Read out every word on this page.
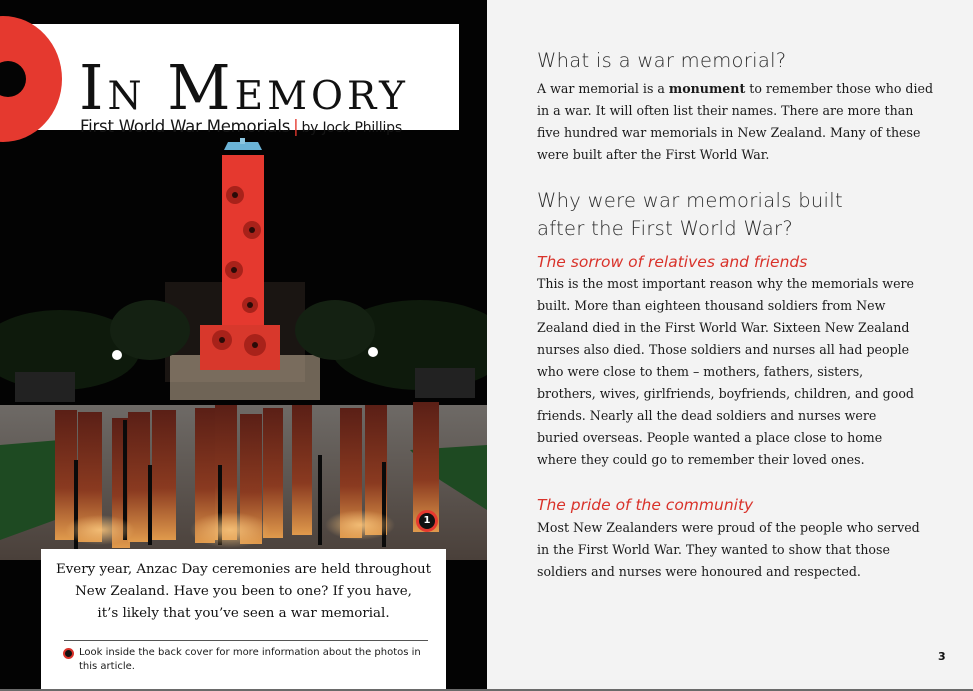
In Memory
First World War Memorials | by Jock Phillips
1
Every year, Anzac Day ceremonies are held throughout
New Zealand. Have you been to one? If you have,
it’s likely that you’ve seen a war memorial.
Look inside the back cover for more information about the photos in this article.
What is a war memorial?
A war memorial is a monument to remember those who died in a war. It will often list their names. There are more than five hundred war memorials in New Zealand. Many of these were built after the First World War.
Why were war memorials built
after the First World War?
The sorrow of relatives and friends
This is the most important reason why the memorials were built. More than eighteen thousand soldiers from New Zealand died in the First World War. Sixteen New Zealand nurses also died. Those soldiers and nurses all had people who were close to them – mothers, fathers, sisters, brothers, wives, girlfriends, boyfriends, children, and good friends. Nearly all the dead soldiers and nurses were buried overseas. People wanted a place close to home where they could go to remember their loved ones.
The pride of the community
Most New Zealanders were proud of the people who served in the First World War. They wanted to show that those soldiers and nurses were honoured and respected.
3
